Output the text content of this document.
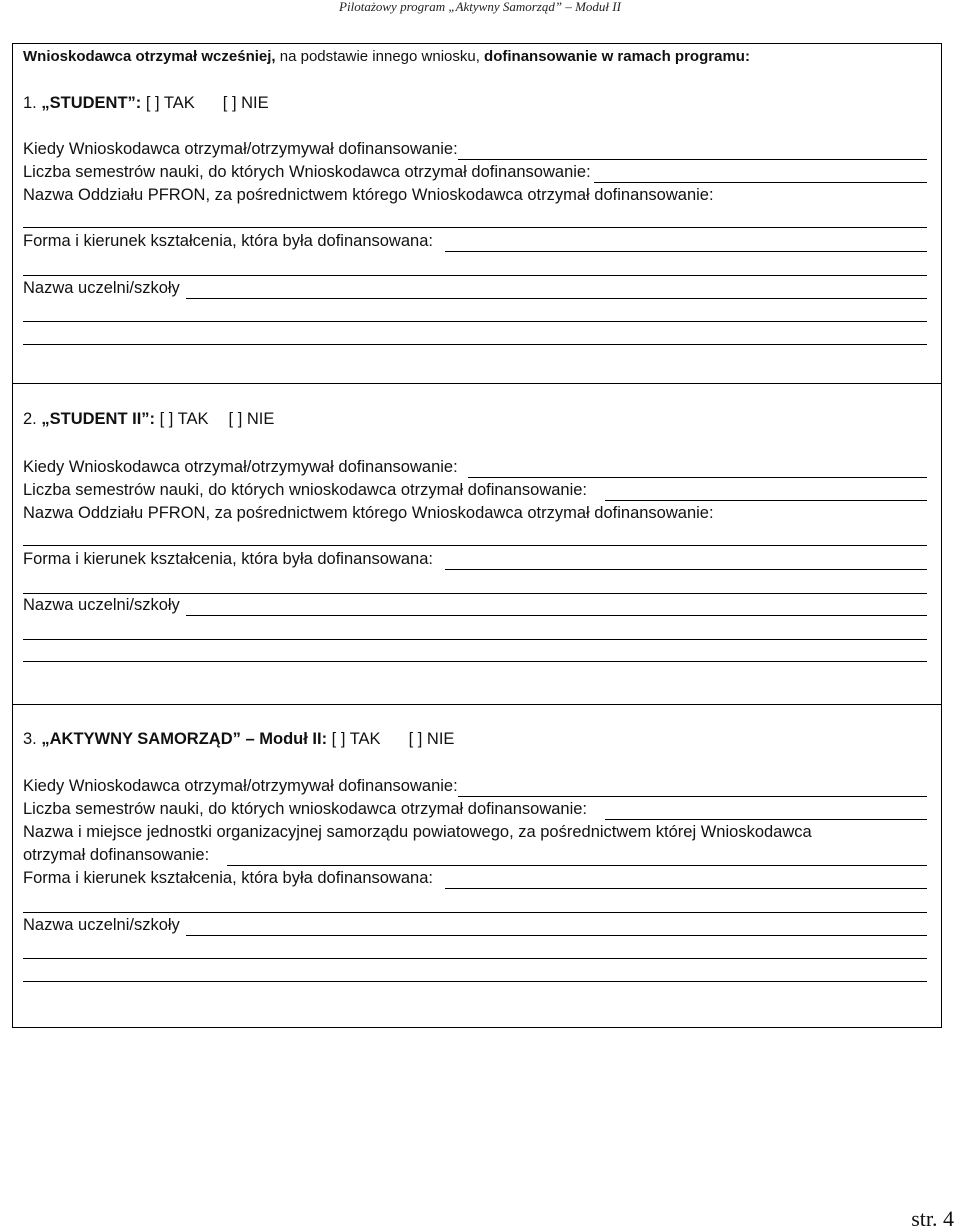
Pilotażowy program „Aktywny Samorząd” – Moduł II
Wnioskodawca otrzymał wcześniej, na podstawie innego wniosku, dofinansowanie w ramach programu:
1. „STUDENT”: [ ] TAK [ ] NIE
Kiedy Wnioskodawca otrzymał/otrzymywał dofinansowanie:
Liczba semestrów nauki, do których Wnioskodawca otrzymał dofinansowanie:
Nazwa Oddziału PFRON, za pośrednictwem którego Wnioskodawca otrzymał dofinansowanie:
Forma i kierunek kształcenia, która była dofinansowana:
Nazwa uczelni/szkoły
2. „STUDENT II”: [ ] TAK [ ] NIE
Kiedy Wnioskodawca otrzymał/otrzymywał dofinansowanie:
Liczba semestrów nauki, do których wnioskodawca otrzymał dofinansowanie:
Nazwa Oddziału PFRON, za pośrednictwem którego Wnioskodawca otrzymał dofinansowanie:
Forma i kierunek kształcenia, która była dofinansowana:
Nazwa uczelni/szkoły
3. „AKTYWNY SAMORZĄD” – Moduł II: [ ] TAK [ ] NIE
Kiedy Wnioskodawca otrzymał/otrzymywał dofinansowanie:
Liczba semestrów nauki, do których wnioskodawca otrzymał dofinansowanie:
Nazwa i miejsce jednostki organizacyjnej samorządu powiatowego, za pośrednictwem której Wnioskodawca
otrzymał dofinansowanie:
Forma i kierunek kształcenia, która była dofinansowana:
Nazwa uczelni/szkoły
str. 4
